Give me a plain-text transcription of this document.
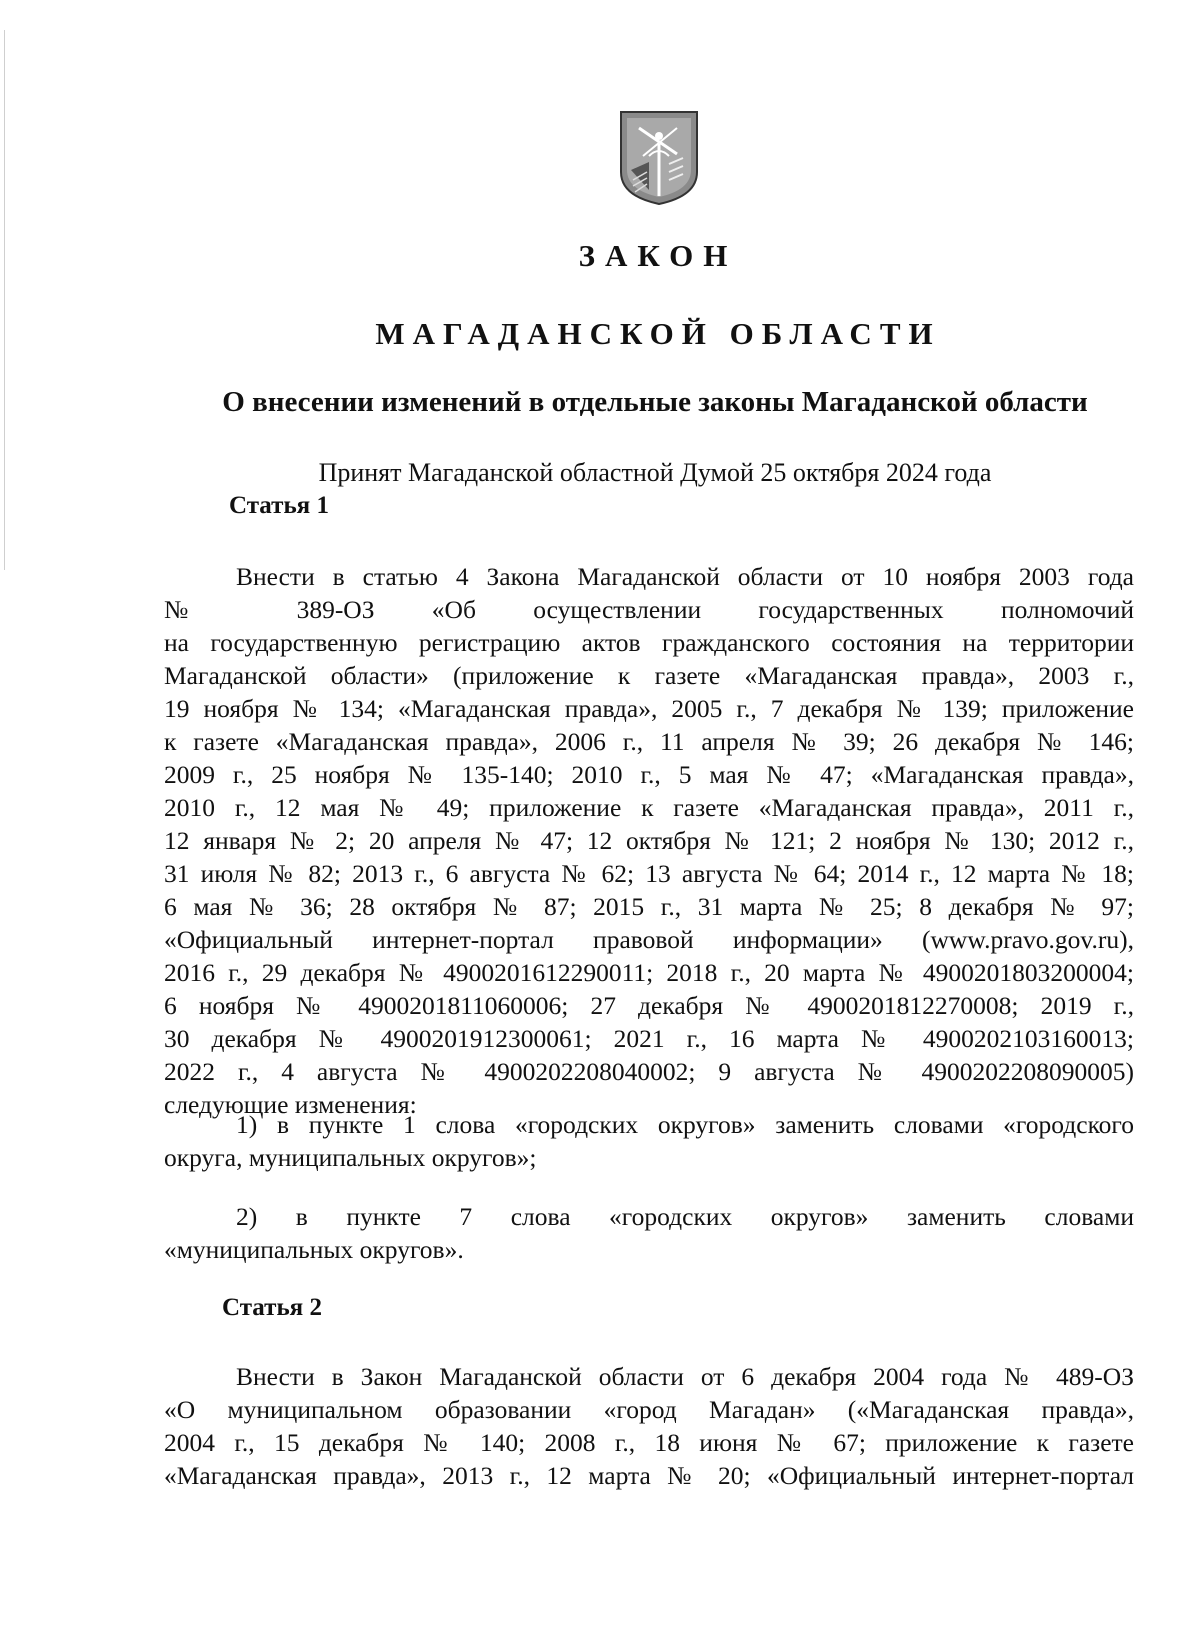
ЗАКОН
МАГАДАНСКОЙ ОБЛАСТИ
О внесении изменений в отдельные законы Магаданской области
Принят Магаданской областной Думой 25 октября 2024 года
Статья 1
Внести в статью 4 Закона Магаданской области от 10 ноября 2003 года
№ 389-ОЗ «Об осуществлении государственных полномочий
на государственную регистрацию актов гражданского состояния на территории
Магаданской области» (приложение к газете «Магаданская правда», 2003 г.,
19 ноября № 134; «Магаданская правда», 2005 г., 7 декабря № 139; приложение
к газете «Магаданская правда», 2006 г., 11 апреля № 39; 26 декабря № 146;
2009 г., 25 ноября № 135-140; 2010 г., 5 мая № 47; «Магаданская правда»,
2010 г., 12 мая № 49; приложение к газете «Магаданская правда», 2011 г.,
12 января № 2; 20 апреля № 47; 12 октября № 121; 2 ноября № 130; 2012 г.,
31 июля № 82; 2013 г., 6 августа № 62; 13 августа № 64; 2014 г., 12 марта № 18;
6 мая № 36; 28 октября № 87; 2015 г., 31 марта № 25; 8 декабря № 97;
«Официальный интернет-портал правовой информации» (www.pravo.gov.ru),
2016 г., 29 декабря № 4900201612290011; 2018 г., 20 марта № 4900201803200004;
6 ноября № 4900201811060006; 27 декабря № 4900201812270008; 2019 г.,
30 декабря № 4900201912300061; 2021 г., 16 марта № 4900202103160013;
2022 г., 4 августа № 4900202208040002; 9 августа № 4900202208090005)
следующие изменения:
1) в пункте 1 слова «городских округов» заменить словами «городского
округа, муниципальных округов»;
2) в пункте 7 слова «городских округов» заменить словами
«муниципальных округов».
Статья 2
Внести в Закон Магаданской области от 6 декабря 2004 года № 489-ОЗ
«О муниципальном образовании «город Магадан» («Магаданская правда»,
2004 г., 15 декабря № 140; 2008 г., 18 июня № 67; приложение к газете
«Магаданская правда», 2013 г., 12 марта № 20; «Официальный интернет-портал
